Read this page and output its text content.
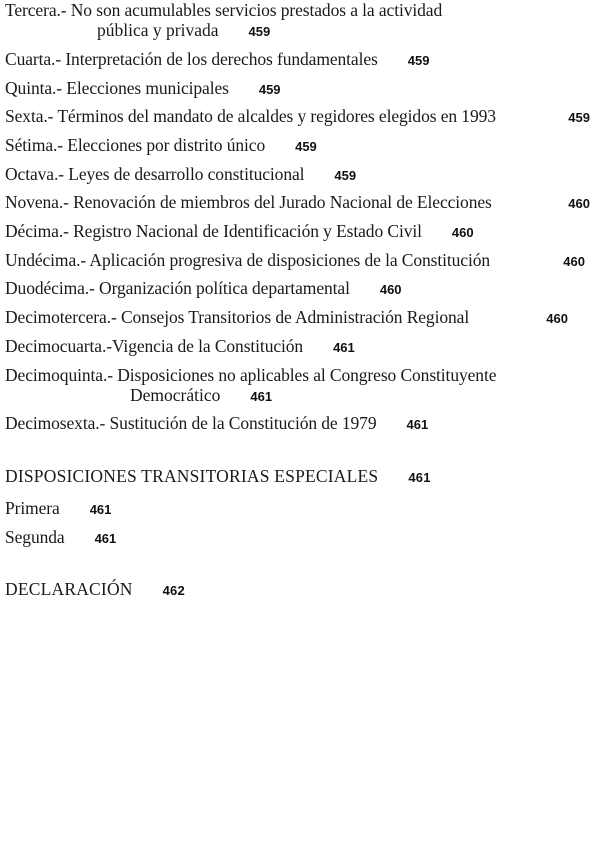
Tercera.- No son acumulables servicios prestados a la actividad
pública y privada 459
Cuarta.- Interpretación de los derechos fundamentales 459
Quinta.- Elecciones municipales 459
Sexta.- Términos del mandato de alcaldes y regidores elegidos en 1993	459
Sétima.- Elecciones por distrito único 459
Octava.- Leyes de desarrollo constitucional 459
Novena.- Renovación de miembros del Jurado Nacional de Elecciones	460
Décima.- Registro Nacional de Identificación y Estado Civil 460
Undécima.- Aplicación progresiva de disposiciones de la Constitución	460
Duodécima.- Organización política departamental 460
Decimotercera.- Consejos Transitorios de Administración Regional	460
Decimocuarta.-Vigencia de la Constitución 461
Decimoquinta.- Disposiciones no aplicables al Congreso Constituyente
Democrático 461
Decimosexta.- Sustitución de la Constitución de 1979 461
DISPOSICIONES TRANSITORIAS ESPECIALES 461
Primera 461
Segunda 461
DECLARACIÓN 462
